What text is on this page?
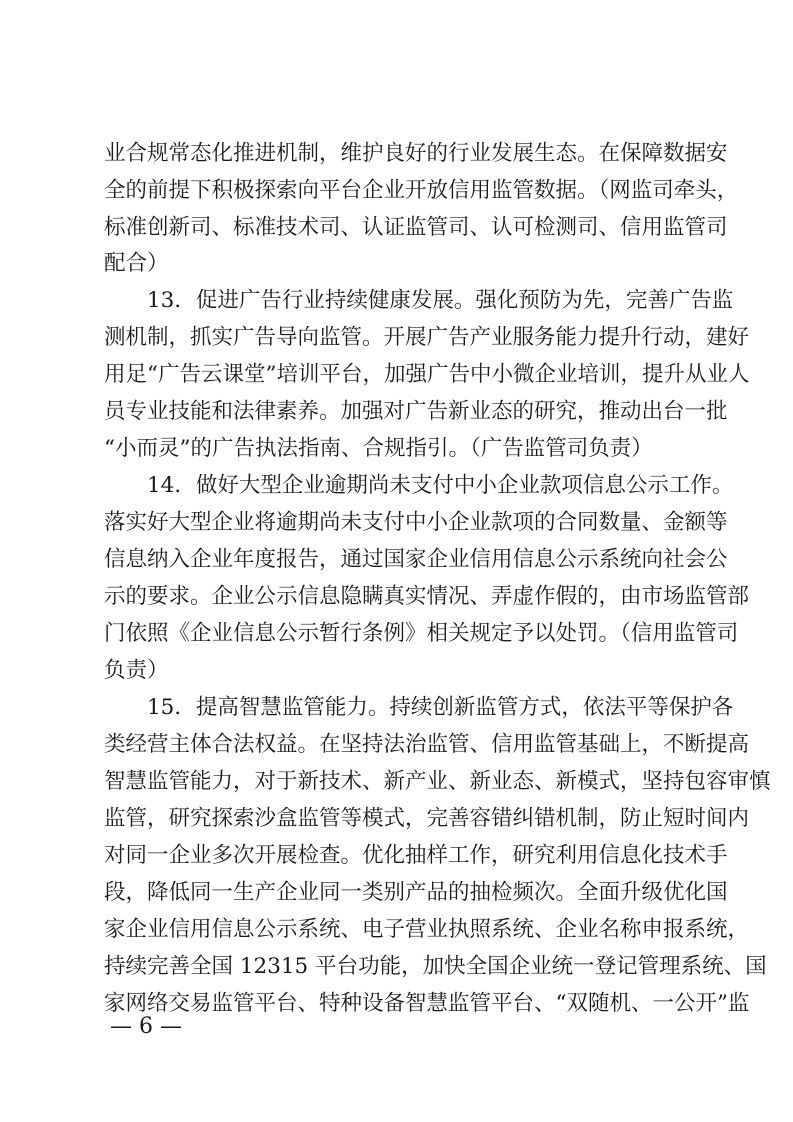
业合规常态化推进机制，维护良好的行业发展生态。在保障数据安
全的前提下积极探索向平台企业开放信用监管数据。（网监司牵头，
标准创新司、标准技术司、认证监管司、认可检测司、信用监管司
配合）
13．促进广告行业持续健康发展。强化预防为先，完善广告监
测机制，抓实广告导向监管。开展广告产业服务能力提升行动，建好
用足“广告云课堂”培训平台，加强广告中小微企业培训，提升从业人
员专业技能和法律素养。加强对广告新业态的研究，推动出台一批
“小而灵”的广告执法指南、合规指引。（广告监管司负责）
14．做好大型企业逾期尚未支付中小企业款项信息公示工作。
落实好大型企业将逾期尚未支付中小企业款项的合同数量、金额等
信息纳入企业年度报告，通过国家企业信用信息公示系统向社会公
示的要求。企业公示信息隐瞒真实情况、弄虚作假的，由市场监管部
门依照《企业信息公示暂行条例》相关规定予以处罚。（信用监管司
负责）
15．提高智慧监管能力。持续创新监管方式，依法平等保护各
类经营主体合法权益。在坚持法治监管、信用监管基础上，不断提高
智慧监管能力，对于新技术、新产业、新业态、新模式，坚持包容审慎
监管，研究探索沙盒监管等模式，完善容错纠错机制，防止短时间内
对同一企业多次开展检查。优化抽样工作，研究利用信息化技术手
段，降低同一生产企业同一类别产品的抽检频次。全面升级优化国
家企业信用信息公示系统、电子营业执照系统、企业名称申报系统，
持续完善全国 12315 平台功能，加快全国企业统一登记管理系统、国
家网络交易监管平台、特种设备智慧监管平台、“双随机、一公开”监
— 6 —
